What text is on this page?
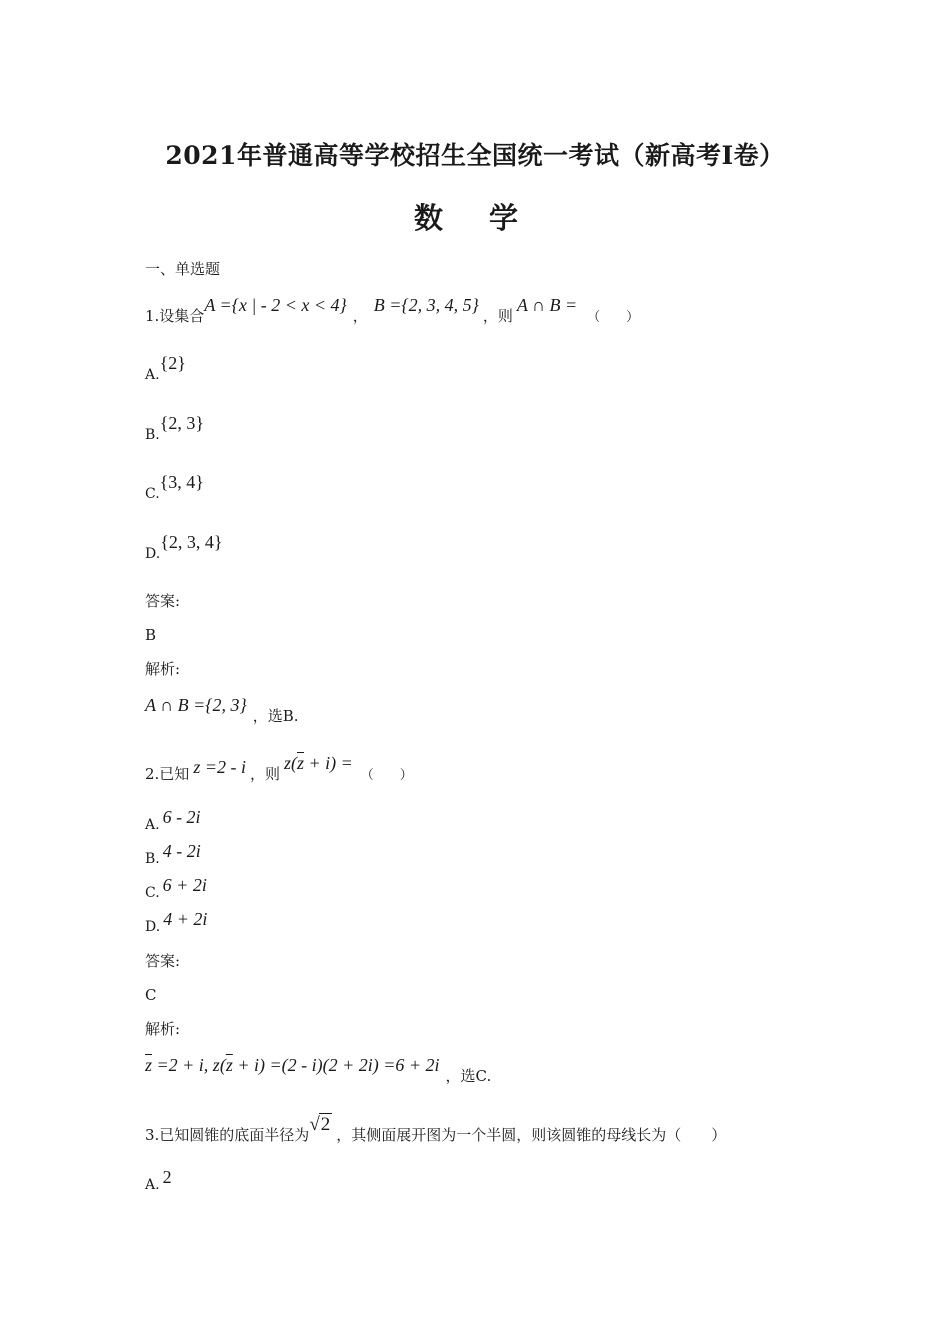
2021年普通高等学校招生全国统一考试（新高考Ⅰ卷）
数 学
一、单选题
1.设集合A ={x | - 2 < x < 4}，B ={2, 3, 4, 5}，则A ∩ B =（　　）
A.{2}
B.{2, 3}
C.{3, 4}
D.{2, 3, 4}
答案:
B
解析:
A ∩ B ={2, 3}，选B.
2.已知 z =2 - i ，则$z(\overline{z} + i)$ =（　　）
A. 6 - 2i
B. 4 - 2i
C. 6 + 2i
D. 4 + 2i
答案:
C
解析:
$\overline{z} =2 + i$, $z(\overline{z} + i) =(2 - i)(2 + 2i) =6 + 2i$，选C.
3.已知圆锥的底面半径为√2 ，其侧面展开图为一个半圆，则该圆锥的母线长为（　　）
A. 2
